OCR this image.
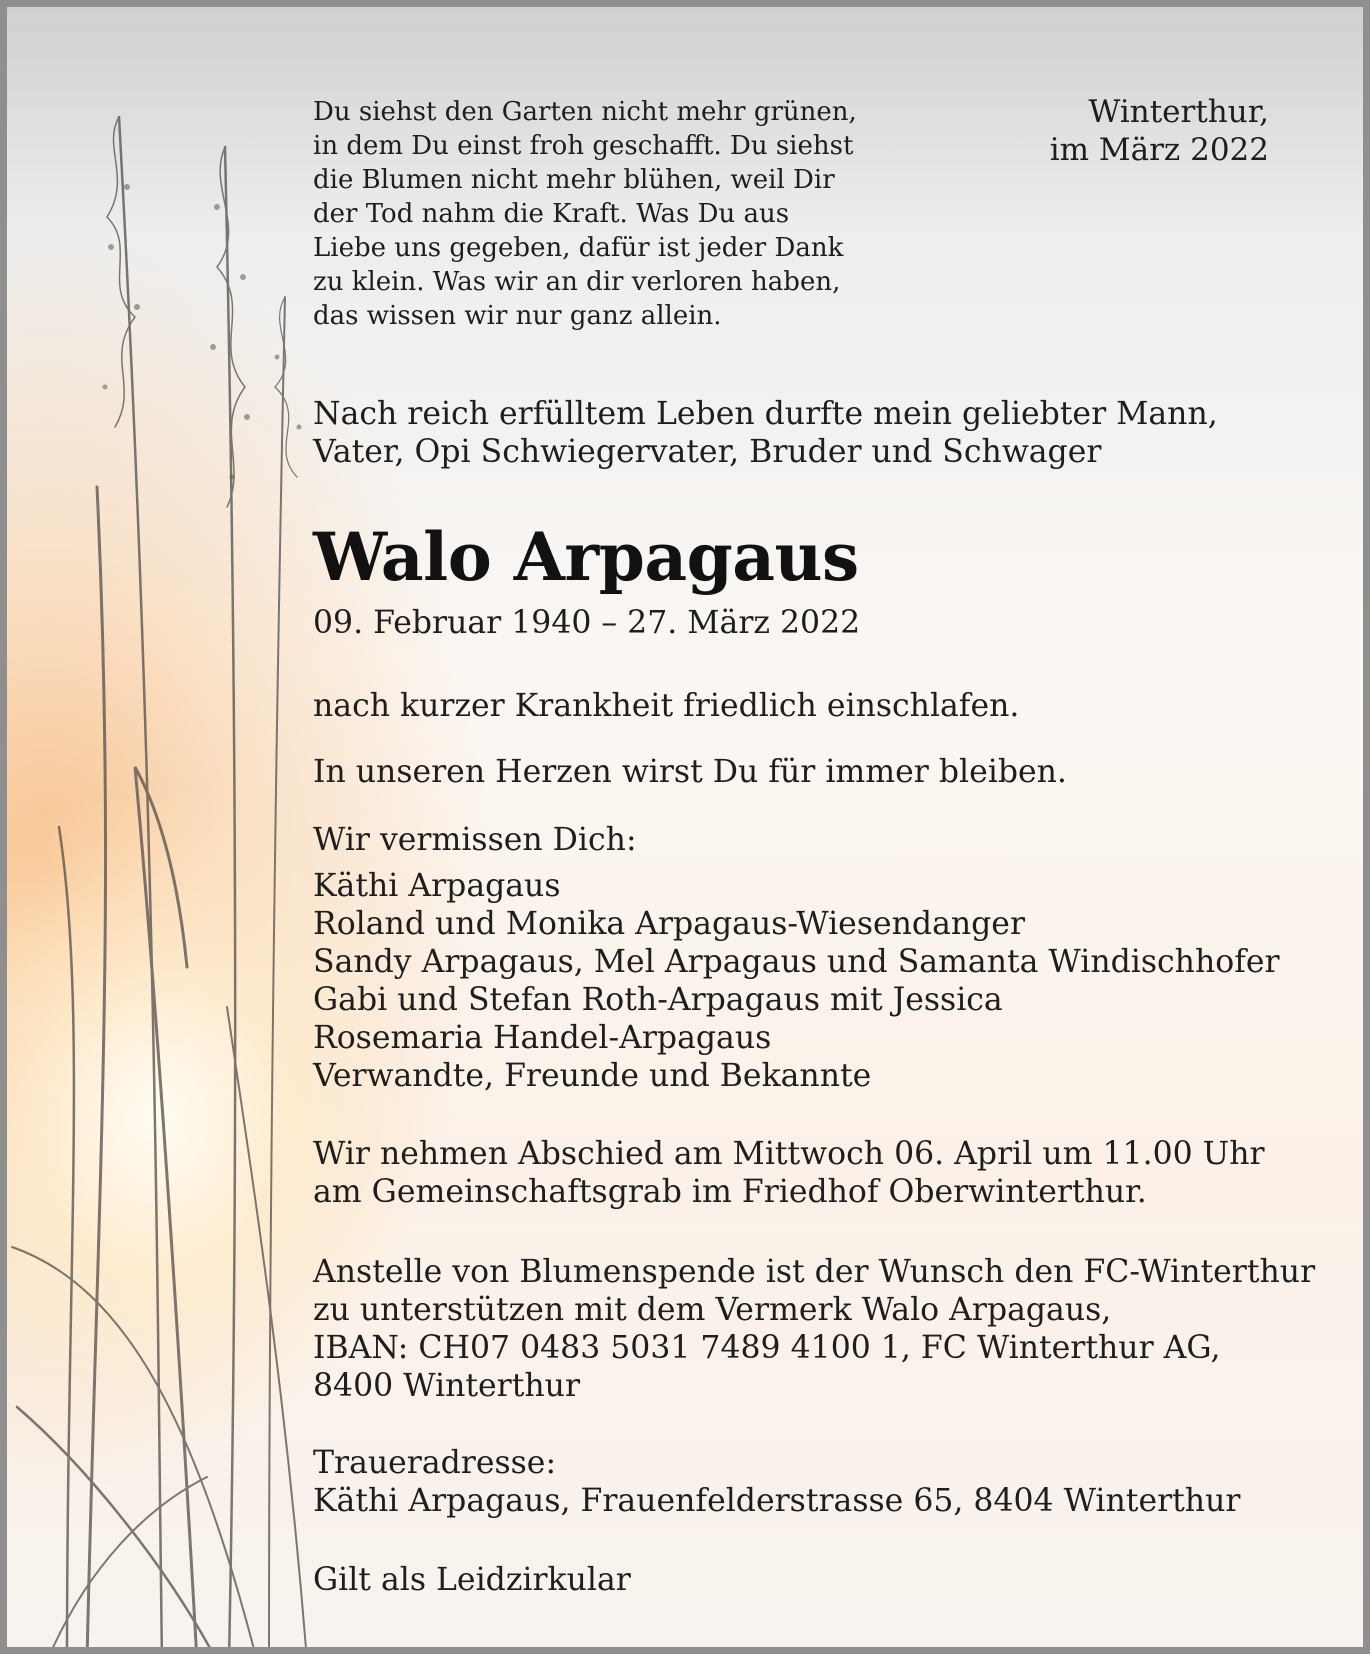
Du siehst den Garten nicht mehr grünen,
in dem Du einst froh geschafft. Du siehst
die Blumen nicht mehr blühen, weil Dir
der Tod nahm die Kraft. Was Du aus
Liebe uns gegeben, dafür ist jeder Dank
zu klein. Was wir an dir verloren haben,
das wissen wir nur ganz allein.

Winterthur,
im März 2022

Nach reich erfülltem Leben durfte mein geliebter Mann,
Vater, Opi Schwiegervater, Bruder und Schwager

Walo Arpagaus

09. Februar 1940 – 27. März 2022

nach kurzer Krankheit friedlich einschlafen.

In unseren Herzen wirst Du für immer bleiben.

Wir vermissen Dich:

Käthi Arpagaus
Roland und Monika Arpagaus-Wiesendanger
Sandy Arpagaus, Mel Arpagaus und Samanta Windischhofer
Gabi und Stefan Roth-Arpagaus mit Jessica
Rosemaria Handel-Arpagaus
Verwandte, Freunde und Bekannte

Wir nehmen Abschied am Mittwoch 06. April um 11.00 Uhr
am Gemeinschaftsgrab im Friedhof Oberwinterthur.

Anstelle von Blumenspende ist der Wunsch den FC-Winterthur
zu unterstützen mit dem Vermerk Walo Arpagaus,
IBAN: CH07 0483 5031 7489 4100 1, FC Winterthur AG,
8400 Winterthur

Traueradresse:
Käthi Arpagaus, Frauenfelderstrasse 65, 8404 Winterthur

Gilt als Leidzirkular
